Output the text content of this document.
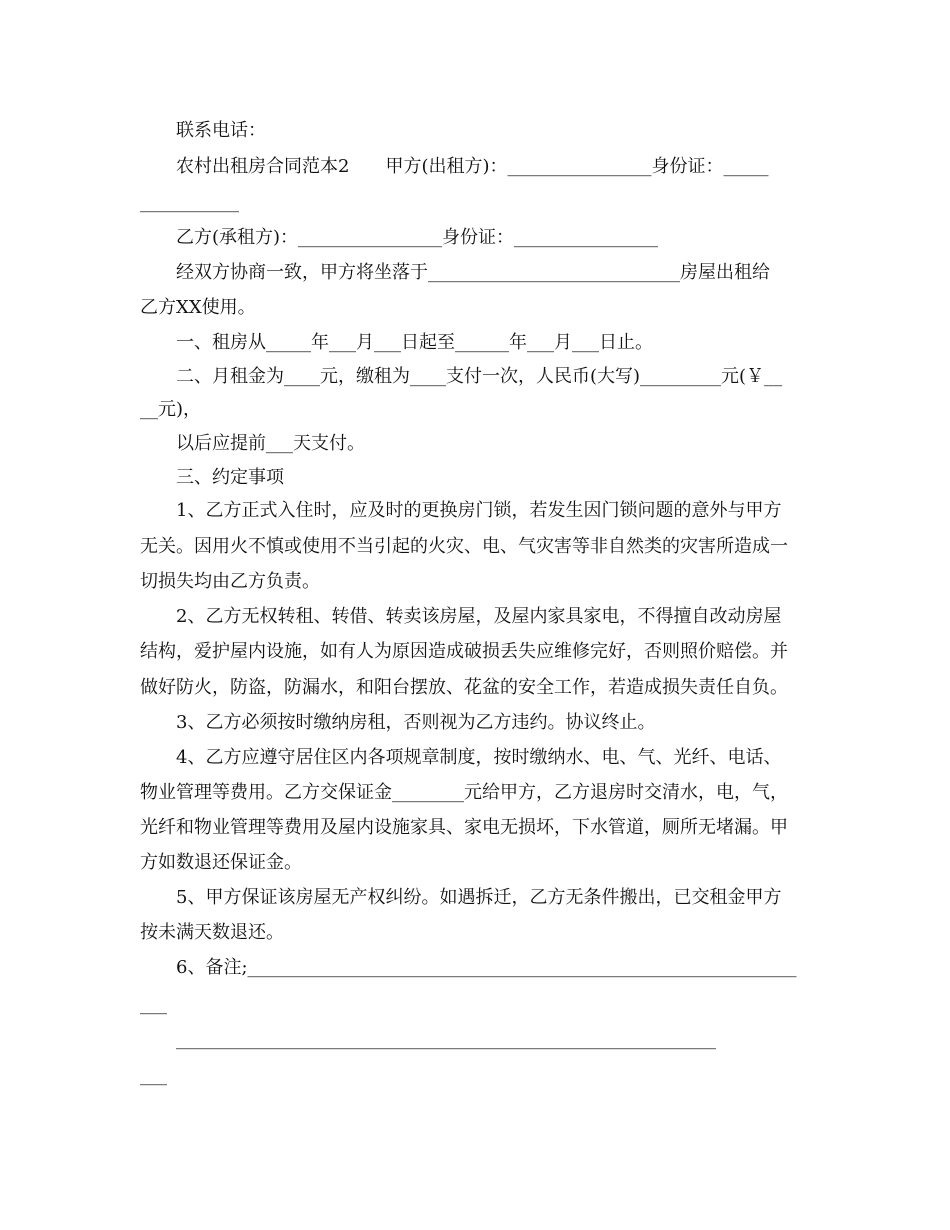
联系电话：
农村出租房合同范本2　　甲方(出租方)：________________身份证：_____
___________
乙方(承租方)：________________身份证：________________
经双方协商一致，甲方将坐落于____________________________房屋出租给
乙方XX使用。
一、租房从_____年___月___日起至______年___月___日止。
二、月租金为____元，缴租为____支付一次，人民币(大写)_________元(￥__
__元)，
以后应提前___天支付。
三、约定事项
1、乙方正式入住时，应及时的更换房门锁，若发生因门锁问题的意外与甲方
无关。因用火不慎或使用不当引起的火灾、电、气灾害等非自然类的灾害所造成一
切损失均由乙方负责。
2、乙方无权转租、转借、转卖该房屋，及屋内家具家电，不得擅自改动房屋
结构，爱护屋内设施，如有人为原因造成破损丢失应维修完好，否则照价赔偿。并
做好防火，防盗，防漏水，和阳台摆放、花盆的安全工作，若造成损失责任自负。
3、乙方必须按时缴纳房租，否则视为乙方违约。协议终止。
4、乙方应遵守居住区内各项规章制度，按时缴纳水、电、气、光纤、电话、
物业管理等费用。乙方交保证金________元给甲方，乙方退房时交清水，电，气，
光纤和物业管理等费用及屋内设施家具、家电无损坏，下水管道，厕所无堵漏。甲
方如数退还保证金。
5、甲方保证该房屋无产权纠纷。如遇拆迁，乙方无条件搬出，已交租金甲方
按未满天数退还。
6、备注;_____________________________________________________________
___
____________________________________________________________
___
